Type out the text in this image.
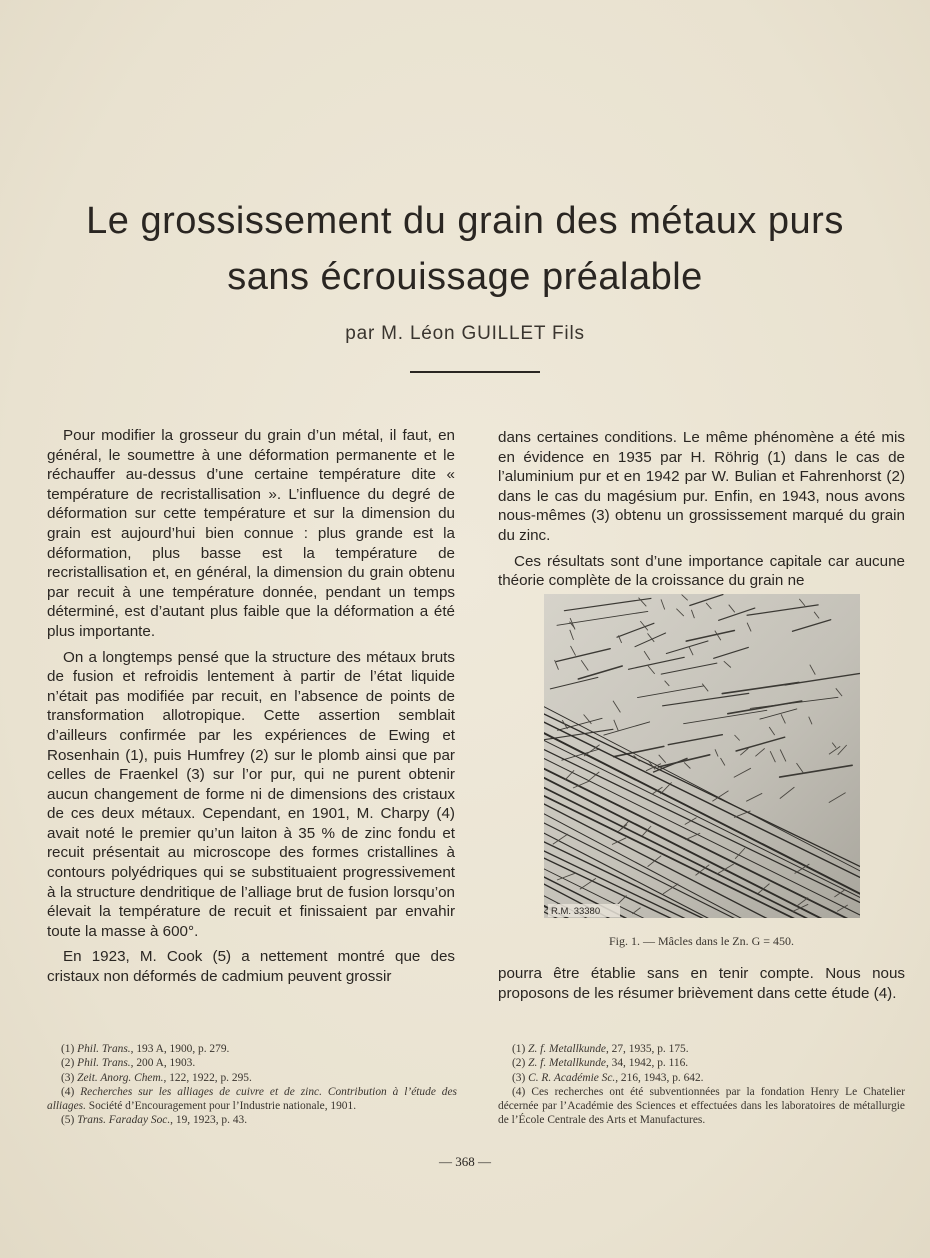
Le grossissement du grain des métaux purs
sans écrouissage préalable
par M. Léon GUILLET Fils

Pour modifier la grosseur du grain d’un métal, il faut, en général, le soumettre à une déformation permanente et le réchauffer au-dessus d’une certaine température dite « température de recristallisation ». L’influence du degré de déformation sur cette température et sur la dimension du grain est aujourd’hui bien connue : plus grande est la déformation, plus basse est la température de recristallisation et, en général, la dimension du grain obtenu par recuit à une température donnée, pendant un temps déterminé, est d’autant plus faible que la déformation a été plus importante.

On a longtemps pensé que la structure des métaux bruts de fusion et refroidis lentement à partir de l’état liquide n’était pas modifiée par recuit, en l’absence de points de transformation allotropique. Cette assertion semblait d’ailleurs confirmée par les expériences de Ewing et Rosenhain (1), puis Humfrey (2) sur le plomb ainsi que par celles de Fraenkel (3) sur l’or pur, qui ne purent obtenir aucun changement de forme ni de dimensions des cristaux de ces deux métaux. Cependant, en 1901, M. Charpy (4) avait noté le premier qu’un laiton à 35 % de zinc fondu et recuit présentait au microscope des formes cristallines à contours polyédriques qui se substituaient progressivement à la structure dendritique de l’alliage brut de fusion lorsqu’on élevait la température de recuit et finissaient par envahir toute la masse à 600°.

En 1923, M. Cook (5) a nettement montré que des cristaux non déformés de cadmium peuvent grossir

dans certaines conditions. Le même phénomène a été mis en évidence en 1935 par H. Röhrig (1) dans le cas de l’aluminium pur et en 1942 par W. Bulian et Fahrenhorst (2) dans le cas du magésium pur. Enfin, en 1943, nous avons nous-mêmes (3) obtenu un grossissement marqué du grain du zinc.

Ces résultats sont d’une importance capitale car aucune théorie complète de la croissance du grain ne

R.M. 33380
Fig. 1. — Mâcles dans le Zn. G = 450.

pourra être établie sans en tenir compte. Nous nous proposons de les résumer brièvement dans cette étude (4).

(1) Phil. Trans., 193 A, 1900, p. 279.

(2) Phil. Trans., 200 A, 1903.

(3) Zeit. Anorg. Chem., 122, 1922, p. 295.

(4) Recherches sur les alliages de cuivre et de zinc. Contribution à l’étude des alliages. Société d’Encouragement pour l’Industrie nationale, 1901.

(5) Trans. Faraday Soc., 19, 1923, p. 43.

(1) Z. f. Metallkunde, 27, 1935, p. 175.

(2) Z. f. Metallkunde, 34, 1942, p. 116.

(3) C. R. Académie Sc., 216, 1943, p. 642.

(4) Ces recherches ont été subventionnées par la fondation Henry Le Chatelier décernée par l’Académie des Sciences et effectuées dans les laboratoires de métallurgie de l’École Centrale des Arts et Manufactures.

— 368 —
